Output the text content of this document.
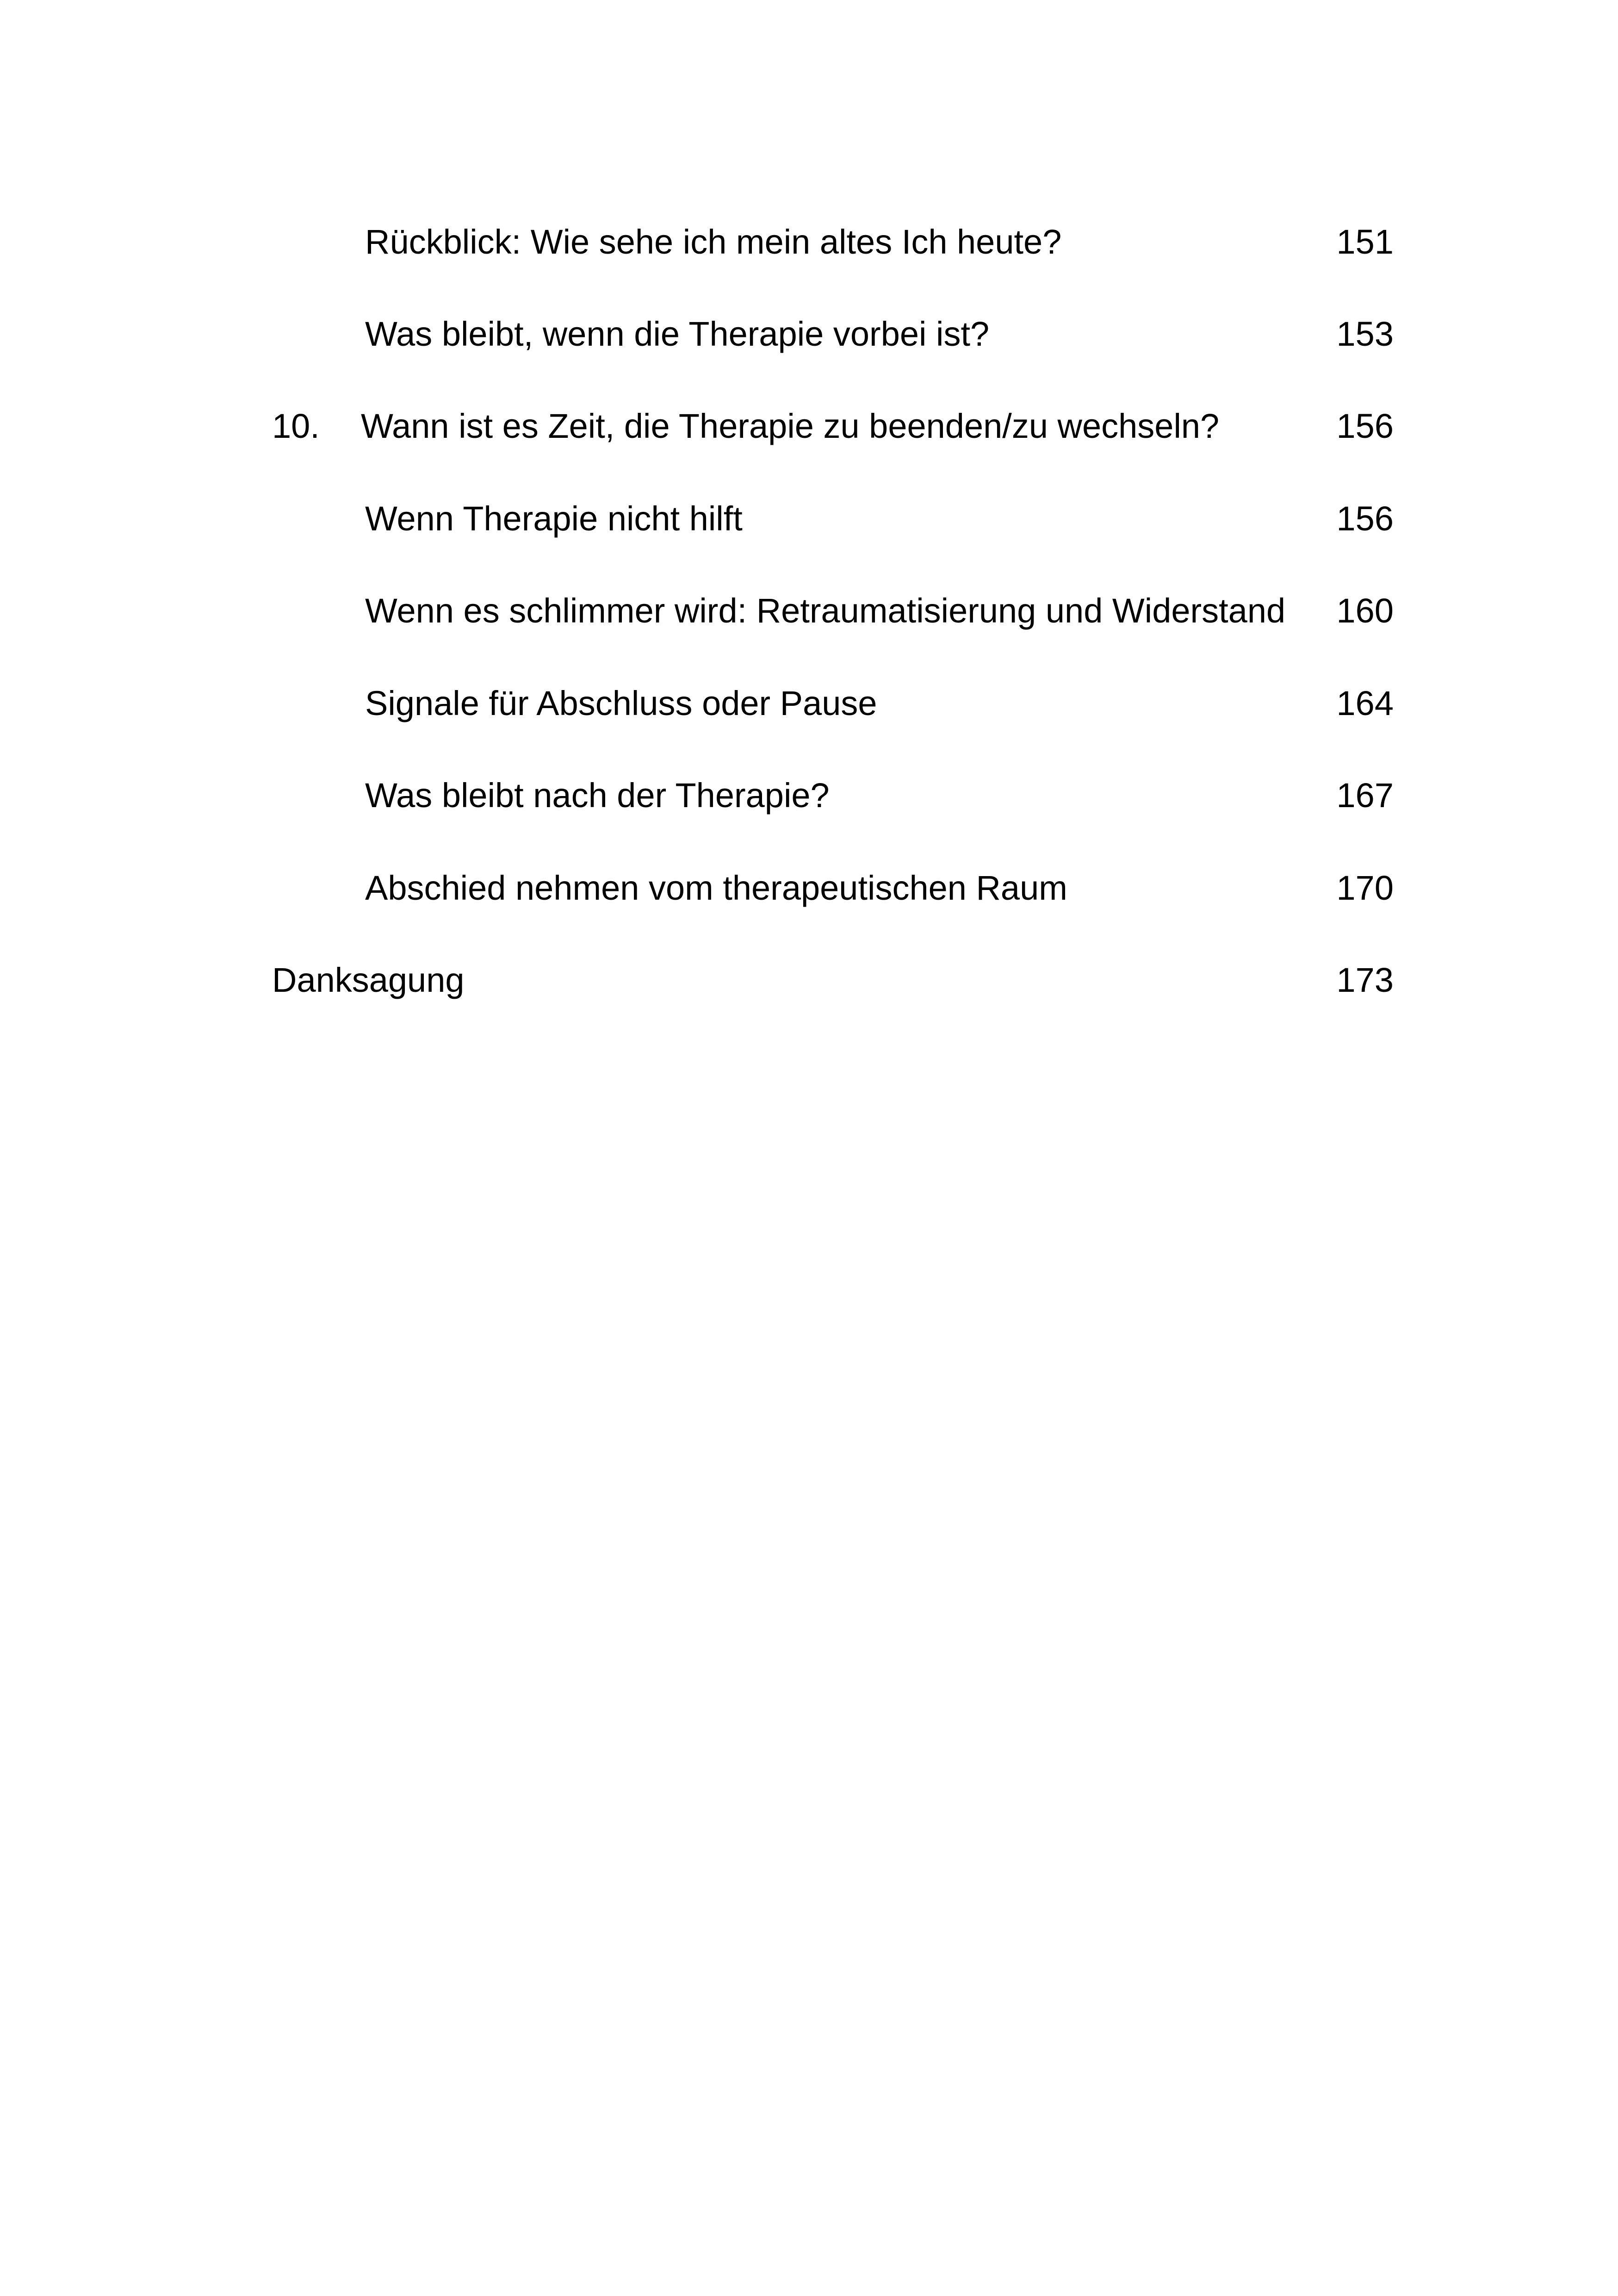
Rückblick: Wie sehe ich mein altes Ich heute?	151
Was bleibt, wenn die Therapie vorbei ist?	153
10. Wann ist es Zeit, die Therapie zu beenden/zu wechseln?	156
Wenn Therapie nicht hilft	156
Wenn es schlimmer wird: Retraumatisierung und Widerstand 160
Signale für Abschluss oder Pause	164
Was bleibt nach der Therapie?	167
Abschied nehmen vom therapeutischen Raum	170
Danksagung	173
